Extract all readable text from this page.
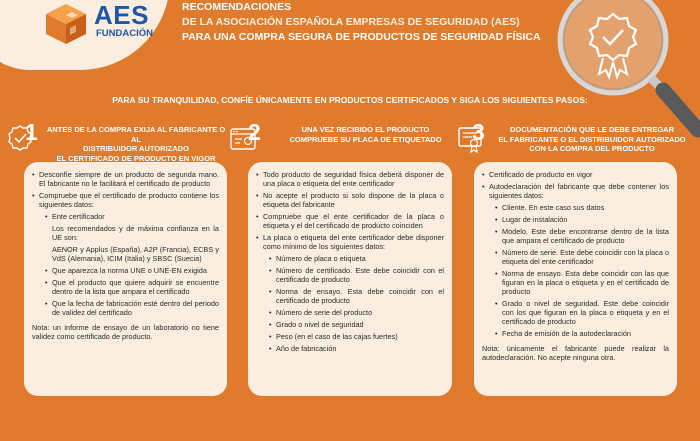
AES
FUNDACIÓN
RECOMENDACIONES
DE LA ASOCIACIÓN ESPAÑOLA EMPRESAS DE SEGURIDAD (AES)
PARA UNA COMPRA SEGURA DE PRODUCTOS DE SEGURIDAD FÍSICA
PARA SU TRANQUILIDAD, CONFÍE ÚNICAMENTE EN PRODUCTOS CERTIFICADOS Y SIGA LOS SIGUIENTES PASOS:
1	ANTES DE LA COMPRA EXIJA AL FABRICANTE O AL
DISTRIBUIDOR AUTORIZADO
EL CERTIFICADO DE PRODUCTO EN VIGOR
2	UNA VEZ RECIBIDO EL PRODUCTO
COMPRUEBE SU PLACA DE ETIQUETADO	3	DOCUMENTACIÓN QUE LE DEBE ENTREGAR
EL FABRICANTE O EL DISTRIBUIDOR AUTORIZADO
CON LA COMPRA DEL PRODUCTO

• Desconfíe siempre de un producto de segunda mano. El fabricante no le facilitará el certificado de producto

• Compruebe que el certificado de producto contiene los siguientes datos:

• Ente certificador

Los recomendados y de máxima confianza en la UE son:

AENOR y Applus (España), A2P (Francia), ECBS y VdS (Alemania), ICIM (Italia) y SBSC (Suecia)

• Que aparezca la norma UNE o UNE-EN exigida

• Que el producto que quiere adquirir se encuentre dentro de la lista que ampara el certificado

• Que la fecha de fabricación esté dentro del periodo de validez del certificado

Nota: un informe de ensayo de un laboratorio no tiene validez como certificado de producto.

• Todo producto de seguridad física deberá disponer de una placa o etiqueta del ente certificador

• No acepte el producto si solo dispone de la placa o etiqueta del fabricante

• Compruebe que el ente certificador de la placa o etiqueta y el del certificado de producto coinciden

• La placa o etiqueta del ente certificador debe disponer como mínimo de los siguientes datos:

• Número de placa o etiqueta

• Número de certificado. Este debe coincidir con el certificado de producto

• Norma de ensayo. Esta debe coincidir con el certificado de producto

• Número de serie del producto

• Grado o nivel de seguridad

• Peso (en el caso de las cajas fuertes)

• Año de fabricación

• Certificado de producto en vigor

• Autodeclaración del fabricante que debe contener los siguientes datos:

• Cliente. En este caso sus datos

• Lugar de instalación

• Modelo. Este debe encontrarse dentro de la lista que ampara el certificado de producto

• Número de serie. Este debe coincidir con la placa o etiqueta del ente certificador

• Norma de ensayo. Esta debe coincidir con las que figuran en la placa o etiqueta y en el certificado de producto

• Grado o nivel de seguridad. Este debe coincidir con los que figuran en la placa o etiqueta y en el certificado de producto

• Fecha de emisión de la autodeclaración

Nota: únicamente el fabricante puede realizar la autodeclaración. No acepte ninguna otra.
